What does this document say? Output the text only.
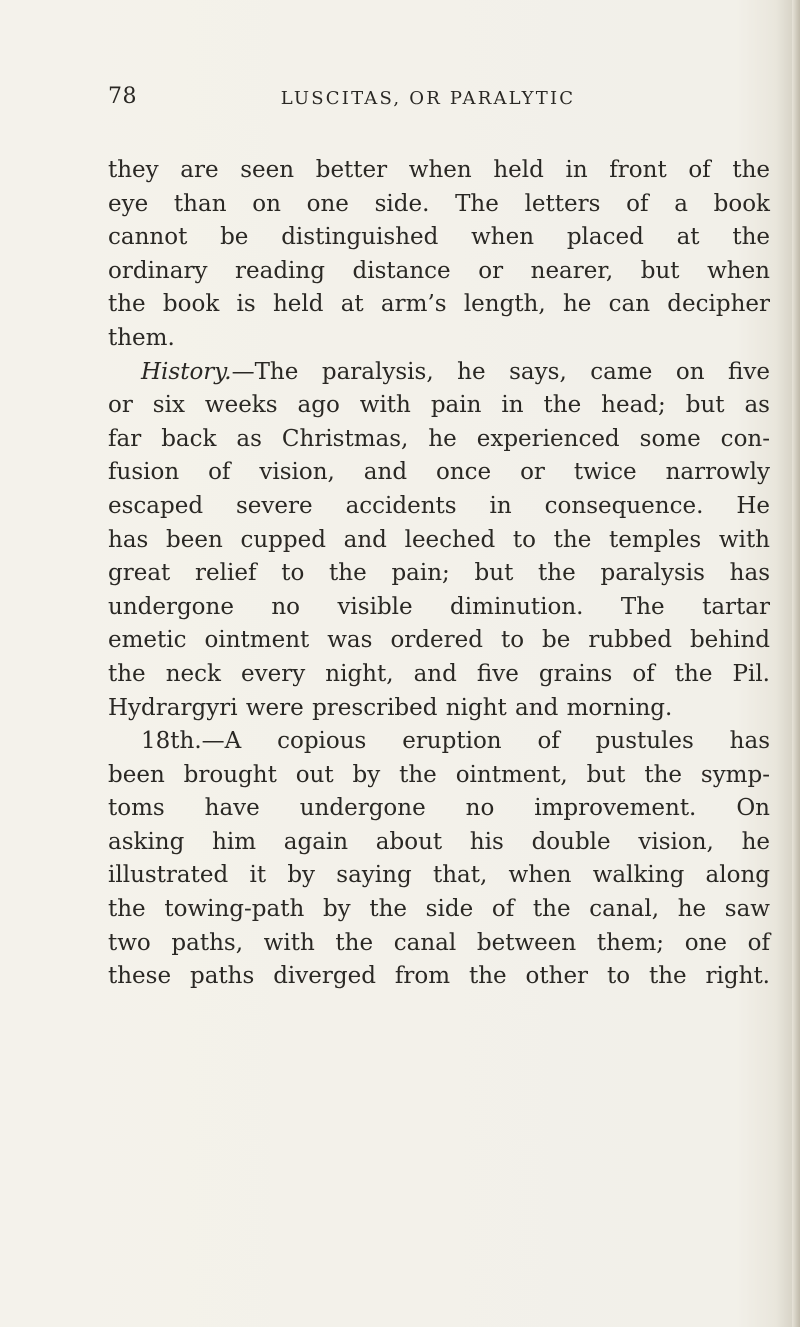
78	LUSCITAS, OR PARALYTIC
they are seen better when held in front of the
eye than on one side. The letters of a book
cannot be distinguished when placed at the
ordinary reading distance or nearer, but when
the book is held at arm’s length, he can decipher
them.
History.—The paralysis, he says, came on five
or six weeks ago with pain in the head; but as
far back as Christmas, he experienced some con-
fusion of vision, and once or twice narrowly
escaped severe accidents in consequence. He
has been cupped and leeched to the temples with
great relief to the pain; but the paralysis has
undergone no visible diminution. The tartar
emetic ointment was ordered to be rubbed behind
the neck every night, and five grains of the Pil.
Hydrargyri were prescribed night and morning.
18th.—A copious eruption of pustules has
been brought out by the ointment, but the symp-
toms have undergone no improvement. On
asking him again about his double vision, he
illustrated it by saying that, when walking along
the towing-path by the side of the canal, he saw
two paths, with the canal between them; one of
these paths diverged from the other to the right.
